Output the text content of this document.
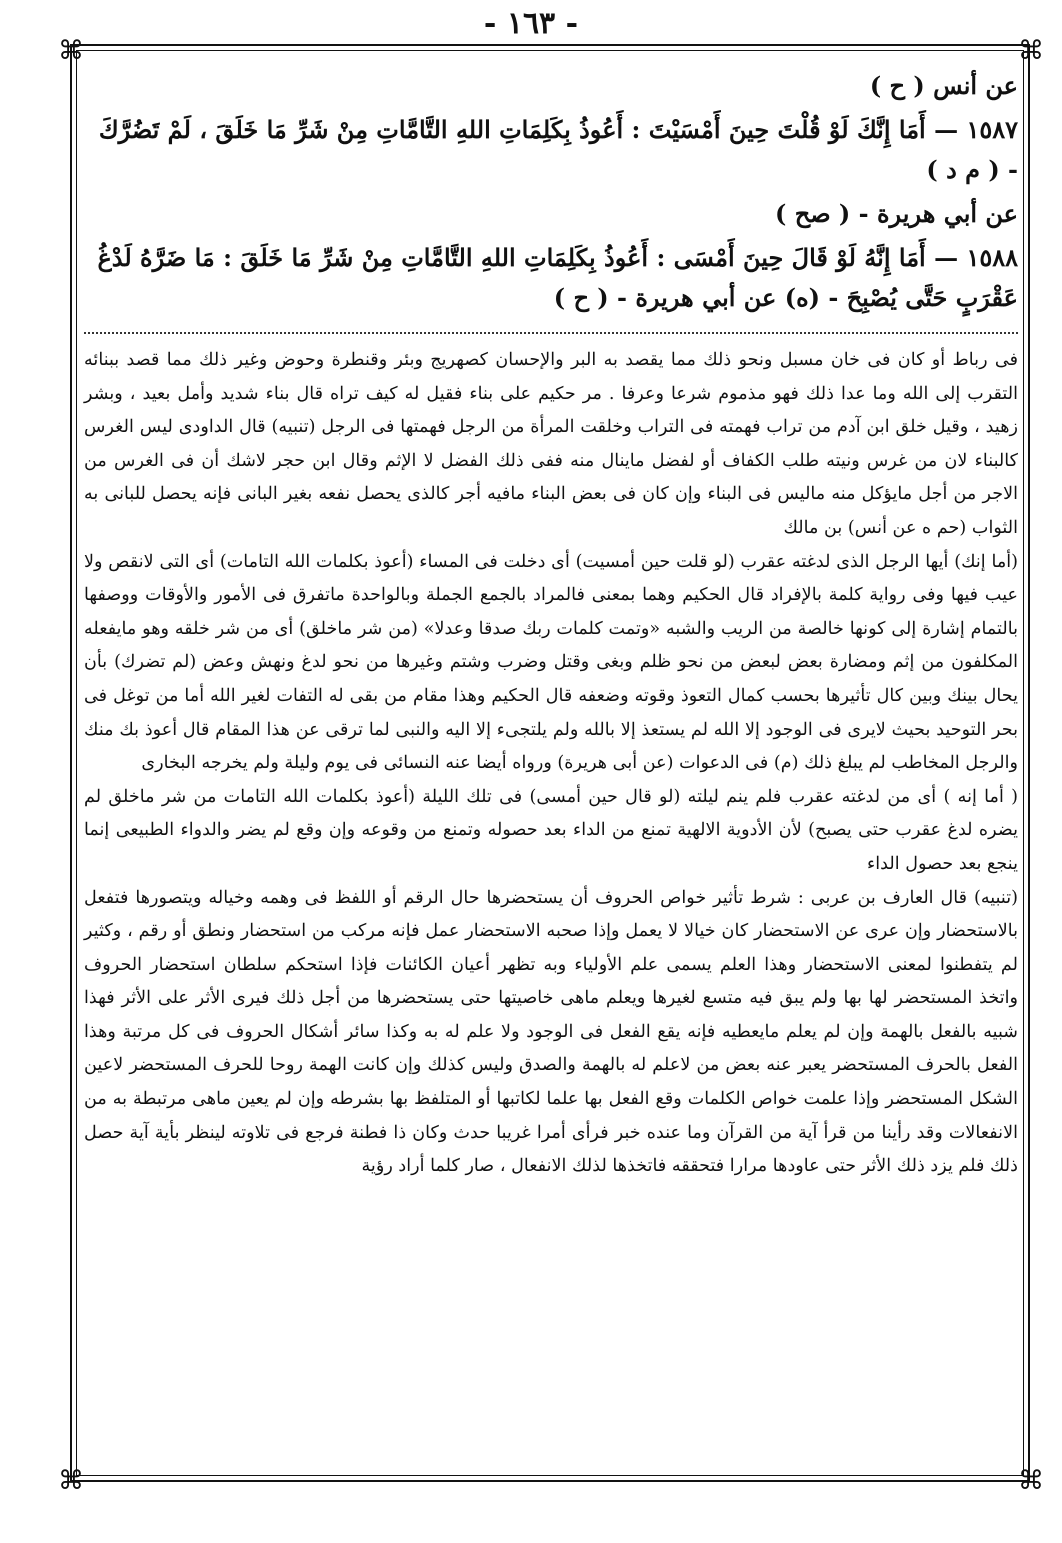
- ١٦٣ -
⌘	⌘
⌘	⌘

عن أنس ( ح )

١٥٨٧ — أَمَا إِنَّكَ لَوْ قُلْتَ حِينَ أَمْسَيْتَ : أَعُوذُ بِكَلِمَاتِ اللهِ التَّامَّاتِ مِنْ شَرِّ مَا خَلَقَ ، لَمْ تَضُرَّكَ - ( م د )

عن أبي هريرة - ( صح )

١٥٨٨ — أَمَا إِنَّهُ لَوْ قَالَ حِينَ أَمْسَى : أَعُوذُ بِكَلِمَاتِ اللهِ التَّامَّاتِ مِنْ شَرِّ مَا خَلَقَ : مَا ضَرَّهُ لَدْغُ عَقْرَبٍ حَتَّى يُصْبِحَ - (ه) عن أبي هريرة - ( ح )

فى رباط أو كان فى خان مسبل ونحو ذلك مما يقصد به البر والإحسان كصهريج وبئر وقنطرة وحوض وغير ذلك مما قصد ببنائه التقرب إلى الله وما عدا ذلك فهو مذموم شرعا وعرفا . مر حكيم على بناء فقيل له كيف تراه قال بناء شديد وأمل بعيد ، وبشر زهيد ، وقيل خلق ابن آدم من تراب فهمته فى التراب وخلقت المرأة من الرجل فهمتها فى الرجل (تنبيه) قال الداودى ليس الغرس كالبناء لان من غرس ونيته طلب الكفاف أو لفضل ماينال منه ففى ذلك الفضل لا الإثم وقال ابن حجر لاشك أن فى الغرس من الاجر من أجل مايؤكل منه ماليس فى البناء وإن كان فى بعض البناء مافيه أجر كالذى يحصل نفعه بغير البانى فإنه يحصل للبانى به الثواب (حم ه عن أنس) بن مالك

(أما إنك) أيها الرجل الذى لدغته عقرب (لو قلت حين أمسيت) أى دخلت فى المساء (أعوذ بكلمات الله التامات) أى التى لانقص ولا عيب فيها وفى رواية كلمة بالإفراد قال الحكيم وهما بمعنى فالمراد بالجمع الجملة وبالواحدة ماتفرق فى الأمور والأوقات ووصفها بالتمام إشارة إلى كونها خالصة من الريب والشبه «وتمت كلمات ربك صدقا وعدلا» (من شر ماخلق) أى من شر خلقه وهو مايفعله المكلفون من إثم ومضارة بعض لبعض من نحو ظلم وبغى وقتل وضرب وشتم وغيرها من نحو لدغ ونهش وعض (لم تضرك) بأن يحال بينك وبين كال تأثيرها بحسب كمال التعوذ وقوته وضعفه قال الحكيم وهذا مقام من بقى له التفات لغير الله أما من توغل فى بحر التوحيد بحيث لايرى فى الوجود إلا الله لم يستعذ إلا بالله ولم يلتجىء إلا اليه والنبى لما ترقى عن هذا المقام قال أعوذ بك منك والرجل المخاطب لم يبلغ ذلك (م) فى الدعوات (عن أبى هريرة) ورواه أيضا عنه النسائى فى يوم وليلة ولم يخرجه البخارى

( أما إنه ) أى من لدغته عقرب فلم ينم ليلته (لو قال حين أمسى) فى تلك الليلة (أعوذ بكلمات الله التامات من شر ماخلق لم يضره لدغ عقرب حتى يصبح) لأن الأدوية الالهية تمنع من الداء بعد حصوله وتمنع من وقوعه وإن وقع لم يضر والدواء الطبيعى إنما ينجع بعد حصول الداء

(تنبيه) قال العارف بن عربى : شرط تأثير خواص الحروف أن يستحضرها حال الرقم أو اللفظ فى وهمه وخياله ويتصورها فتفعل بالاستحضار وإن عرى عن الاستحضار كان خيالا لا يعمل وإذا صحبه الاستحضار عمل فإنه مركب من استحضار ونطق أو رقم ، وكثير لم يتفطنوا لمعنى الاستحضار وهذا العلم يسمى علم الأولياء وبه تظهر أعيان الكائنات فإذا استحكم سلطان استحضار الحروف واتخذ المستحضر لها بها ولم يبق فيه متسع لغيرها ويعلم ماهى خاصيتها حتى يستحضرها من أجل ذلك فيرى الأثر على الأثر فهذا شبيه بالفعل بالهمة وإن لم يعلم مايعطيه فإنه يقع الفعل فى الوجود ولا علم له به وكذا سائر أشكال الحروف فى كل مرتبة وهذا الفعل بالحرف المستحضر يعبر عنه بعض من لاعلم له بالهمة والصدق وليس كذلك وإن كانت الهمة روحا للحرف المستحضر لاعين الشكل المستحضر وإذا علمت خواص الكلمات وقع الفعل بها علما لكاتبها أو المتلفظ بها بشرطه وإن لم يعين ماهى مرتبطة به من الانفعالات وقد رأينا من قرأ آية من القرآن وما عنده خبر فرأى أمرا غريبا حدث وكان ذا فطنة فرجع فى تلاوته لينظر بأية آية حصل ذلك فلم يزد ذلك الأثر حتى عاودها مرارا فتحققه فاتخذها لذلك الانفعال ، صار كلما أراد رؤية
